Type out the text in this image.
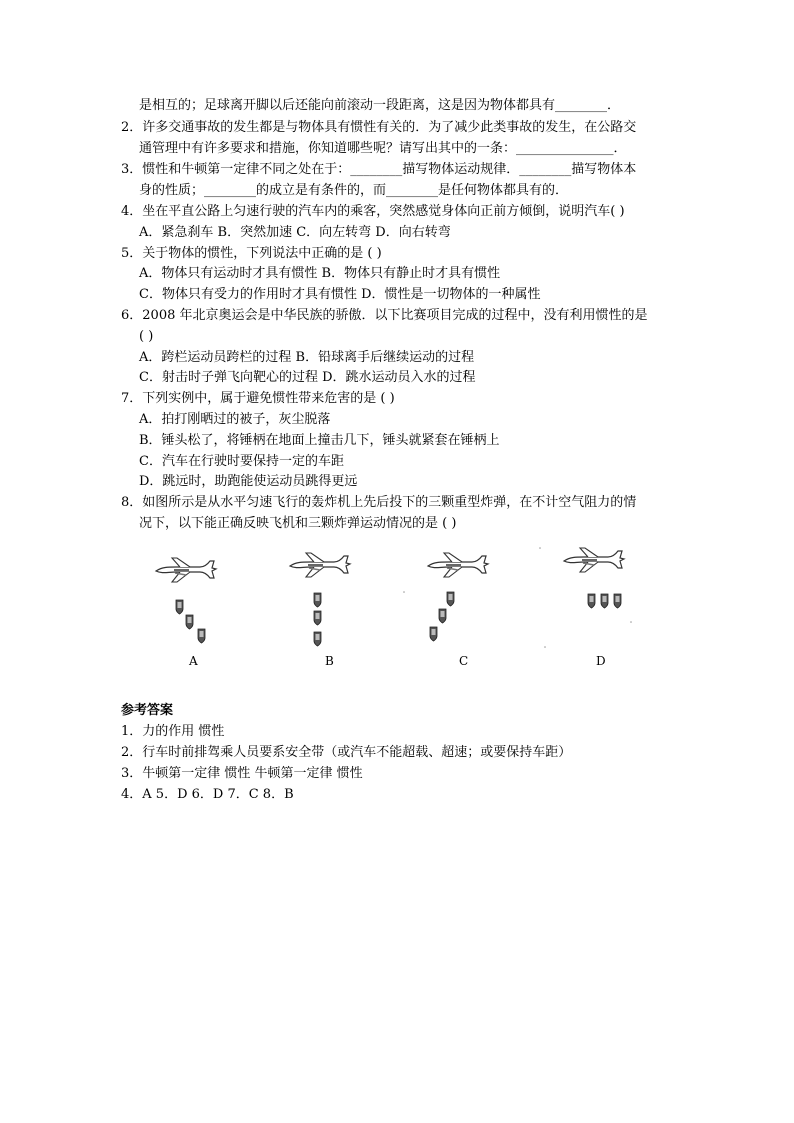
是相互的；足球离开脚以后还能向前滚动一段距离，这是因为物体都具有________．
2．许多交通事故的发生都是与物体具有惯性有关的．为了减少此类事故的发生，在公路交
通管理中有许多要求和措施，你知道哪些呢？请写出其中的一条：_______________．
3．惯性和牛顿第一定律不同之处在于：________描写物体运动规律．________描写物体本
身的性质；________的成立是有条件的，而________是任何物体都具有的．
4．坐在平直公路上匀速行驶的汽车内的乘客，突然感觉身体向正前方倾倒，说明汽车( )
A．紧急刹车 B．突然加速 C．向左转弯 D．向右转弯
5．关于物体的惯性，下列说法中正确的是 ( )
A．物体只有运动时才具有惯性 B．物体只有静止时才具有惯性
C．物体只有受力的作用时才具有惯性 D．惯性是一切物体的一种属性
6．2008 年北京奥运会是中华民族的骄傲．以下比赛项目完成的过程中，没有利用惯性的是
( )
A．跨栏运动员跨栏的过程 B．铅球离手后继续运动的过程
C．射击时子弹飞向靶心的过程 D．跳水运动员入水的过程
7．下列实例中，属于避免惯性带来危害的是 ( )
A．拍打刚晒过的被子，灰尘脱落
B．锤头松了，将锤柄在地面上撞击几下，锤头就紧套在锤柄上
C．汽车在行驶时要保持一定的车距
D．跳远时，助跑能使运动员跳得更远
8．如图所示是从水平匀速飞行的轰炸机上先后投下的三颗重型炸弹，在不计空气阻力的情
况下，以下能正确反映飞机和三颗炸弹运动情况的是 ( )
A	B	C	D
参考答案
1．力的作用 惯性
2．行车时前排驾乘人员要系安全带（或汽车不能超载、超速；或要保持车距）
3．牛顿第一定律 惯性 牛顿第一定律 惯性
4．A 5．D 6．D 7．C 8．B
